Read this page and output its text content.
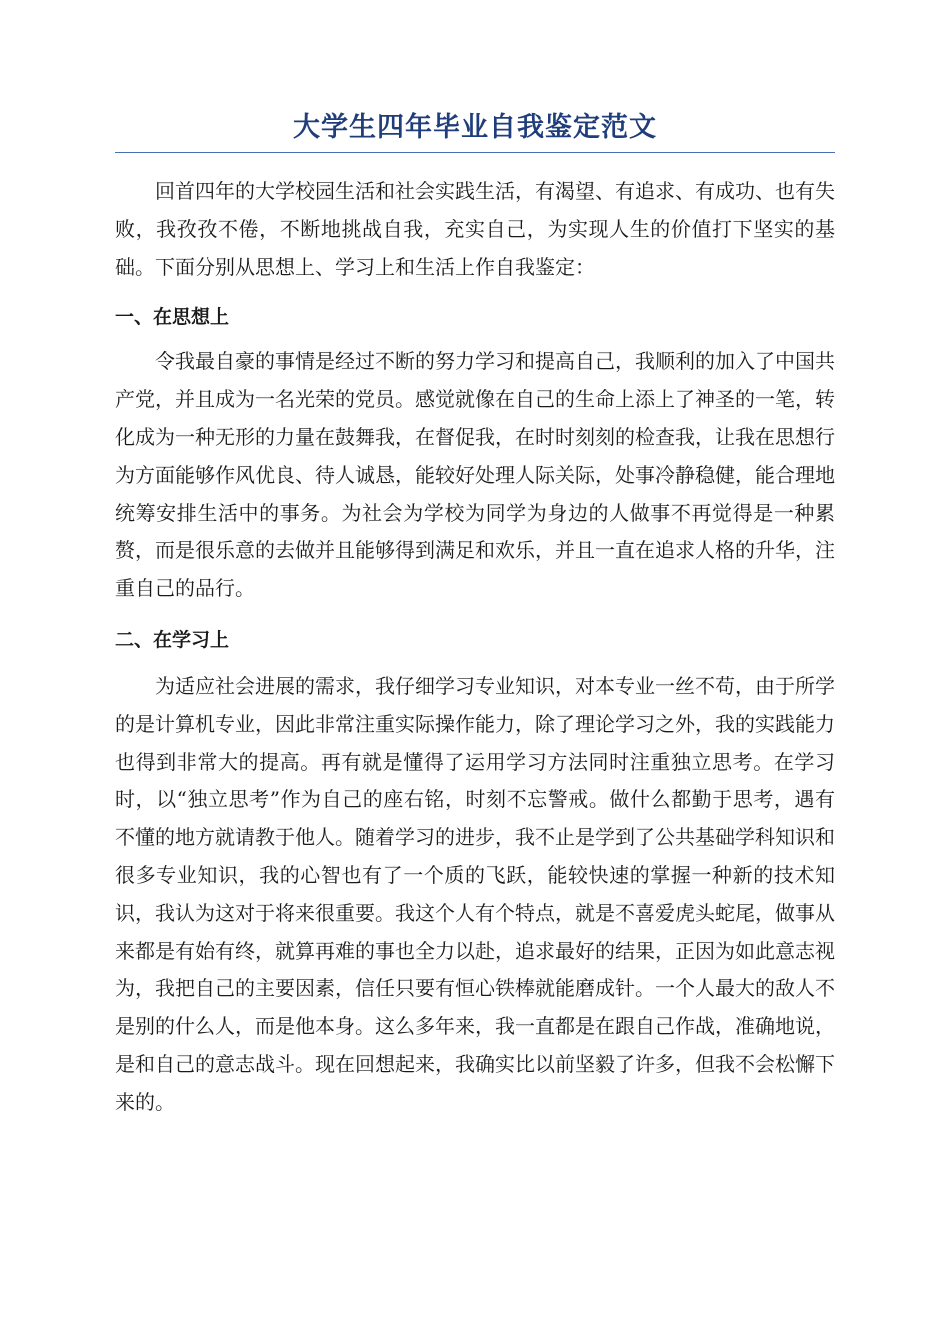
大学生四年毕业自我鉴定范文

回首四年的大学校园生活和社会实践生活，有渴望、有追求、有成功、也有失败，我孜孜不倦，不断地挑战自我，充实自己，为实现人生的价值打下坚实的基础。下面分别从思想上、学习上和生活上作自我鉴定：

一、在思想上

令我最自豪的事情是经过不断的努力学习和提高自己，我顺利的加入了中国共产党，并且成为一名光荣的党员。感觉就像在自己的生命上添上了神圣的一笔，转化成为一种无形的力量在鼓舞我，在督促我，在时时刻刻的检查我，让我在思想行为方面能够作风优良、待人诚恳，能较好处理人际关际，处事冷静稳健，能合理地统筹安排生活中的事务。为社会为学校为同学为身边的人做事不再觉得是一种累赘，而是很乐意的去做并且能够得到满足和欢乐，并且一直在追求人格的升华，注重自己的品行。

二、在学习上

为适应社会进展的需求，我仔细学习专业知识，对本专业一丝不苟，由于所学的是计算机专业，因此非常注重实际操作能力，除了理论学习之外，我的实践能力也得到非常大的提高。再有就是懂得了运用学习方法同时注重独立思考。在学习时，以“独立思考”作为自己的座右铭，时刻不忘警戒。做什么都勤于思考，遇有不懂的地方就请教于他人。随着学习的进步，我不止是学到了公共基础学科知识和很多专业知识，我的心智也有了一个质的飞跃，能较快速的掌握一种新的技术知识，我认为这对于将来很重要。我这个人有个特点，就是不喜爱虎头蛇尾，做事从来都是有始有终，就算再难的事也全力以赴，追求最好的结果，正因为如此意志视为，我把自己的主要因素，信任只要有恒心铁棒就能磨成针。一个人最大的敌人不是别的什么人，而是他本身。这么多年来，我一直都是在跟自己作战，准确地说，是和自己的意志战斗。现在回想起来，我确实比以前坚毅了许多，但我不会松懈下来的。
